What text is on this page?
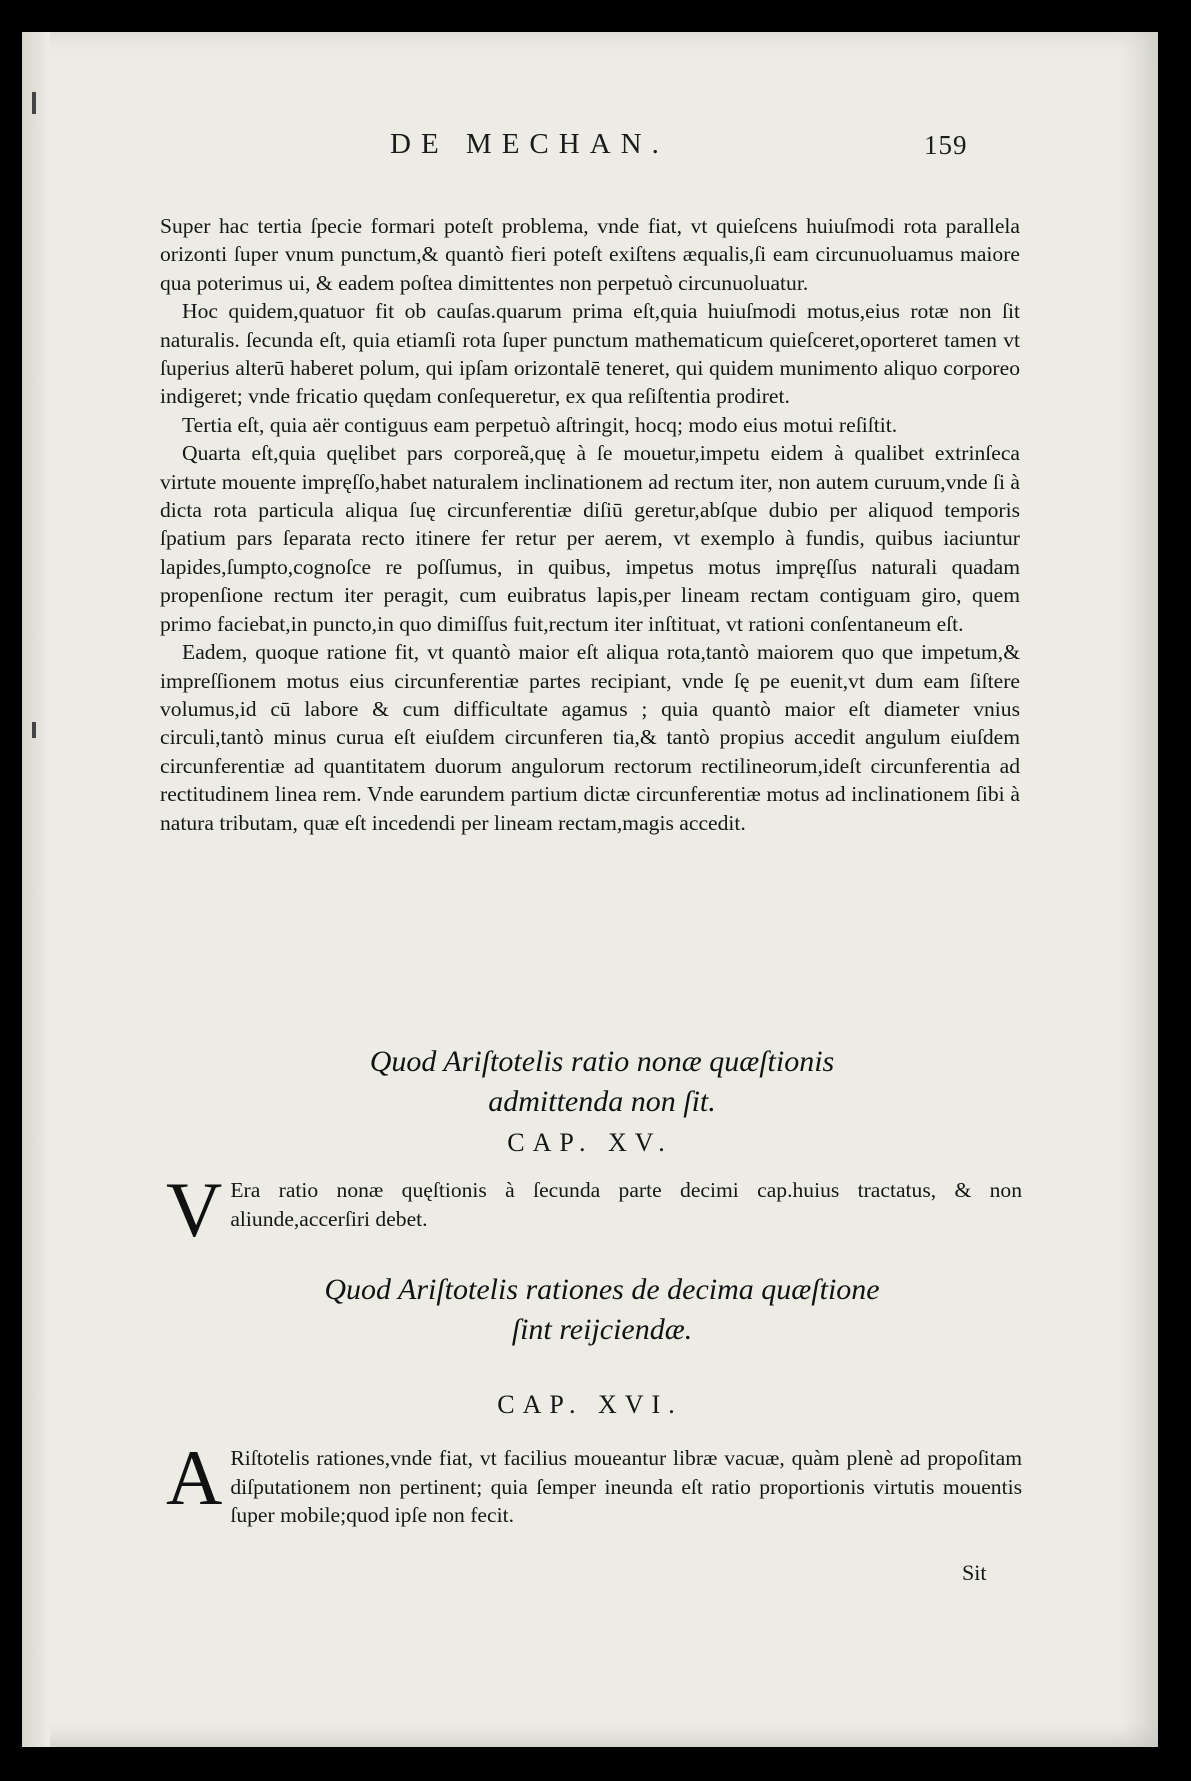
DE MECHAN.	159

Super hac tertia ſpecie formari poteſt problema, vnde fiat, vt quieſcens huiuſmodi rota parallela orizonti ſuper vnum punctum,& quantò fieri poteſt exiſtens æqualis,ſi eam circunuoluamus maiore qua poterimus ui, & eadem poſtea dimittentes non perpetuò circunuoluatur.

Hoc quidem,quatuor fit ob cauſas.quarum prima eſt,quia huiuſmodi motus,eius rotæ non ſit naturalis. ſecunda eſt, quia etiamſi rota ſuper punctum mathematicum quieſceret,oporteret tamen vt ſuperius alterū haberet polum, qui ipſam orizontalē teneret, qui quidem munimento aliquo corporeo indigeret; vnde fricatio quędam conſequeretur, ex qua reſiſtentia prodiret.

Tertia eſt, quia aër contiguus eam perpetuò aſtringit, hocq; modo eius motui reſiſtit.

Quarta eſt,quia quęlibet pars corporeã,quę à ſe mouetur,impetu eidem à qualibet extrinſeca virtute mouente impręſſo,habet naturalem inclinationem ad rectum iter, non autem curuum,vnde ſi à dicta rota particula aliqua ſuę circunferentiæ diſiū geretur,abſque dubio per aliquod temporis ſpatium pars ſeparata recto itinere fer retur per aerem, vt exemplo à fundis, quibus iaciuntur lapides,ſumpto,cognoſce re poſſumus, in quibus, impetus motus impręſſus naturali quadam propenſione rectum iter peragit, cum euibratus lapis,per lineam rectam contiguam giro, quem primo faciebat,in puncto,in quo dimiſſus fuit,rectum iter inſtituat, vt rationi conſentaneum eſt.

Eadem, quoque ratione fit, vt quantò maior eſt aliqua rota,tantò maiorem quo que impetum,& impreſſionem motus eius circunferentiæ partes recipiant, vnde ſę pe euenit,vt dum eam ſiſtere volumus,id cū labore & cum difficultate agamus ; quia quantò maior eſt diameter vnius circuli,tantò minus curua eſt eiuſdem circunferen tia,& tantò propius accedit angulum eiuſdem circunferentiæ ad quantitatem duorum angulorum rectorum rectilineorum,ideſt circunferentia ad rectitudinem linea rem. Vnde earundem partium dictæ circunferentiæ motus ad inclinationem ſibi à natura tributam, quæ eſt incedendi per lineam rectam,magis accedit.

Quod Ariſtotelis ratio nonæ quæſtionis
admittenda non ſit.
CAP. XV.
V Era ratio nonæ quęſtionis à ſecunda parte decimi cap.huius tractatus, & non aliunde,accerſiri debet.
Quod Ariſtotelis rationes de decima quæſtione
ſint reijciendæ.
CAP. XVI.
A Riſtotelis rationes,vnde fiat, vt facilius moueantur libræ vacuæ, quàm plenè ad propoſitam diſputationem non pertinent; quia ſemper ineunda eſt ratio proportionis virtutis mouentis ſuper mobile;quod ipſe non fecit.
Sit
